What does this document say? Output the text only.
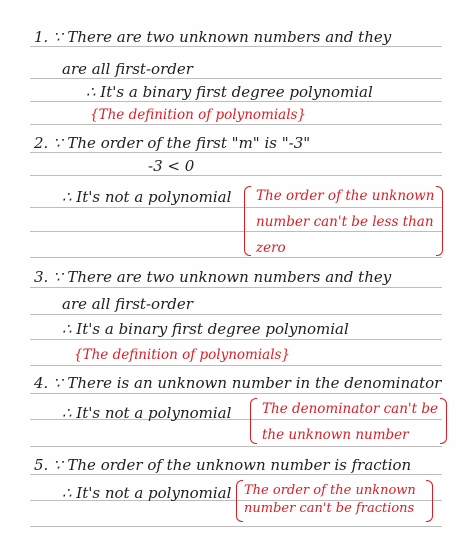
1. ∵ There are two unknown numbers and they
are all first-order
∴ It's a binary first degree polynomial
{The definition of polynomials}
2. ∵ The order of the first "m" is "-3"
-3 < 0
∴ It's not a polynomial The order of the unknown
number can't be less than
zero
3. ∵ There are two unknown numbers and they
are all first-order
∴ It's a binary first degree polynomial
{The definition of polynomials}
4. ∵ There is an unknown number in the denominator
∴ It's not a polynomial The denominator can't be
the unknown number
5. ∵ The order of the unknown number is fraction
∴ It's not a polynomial The order of the unknown
number can't be fractions
